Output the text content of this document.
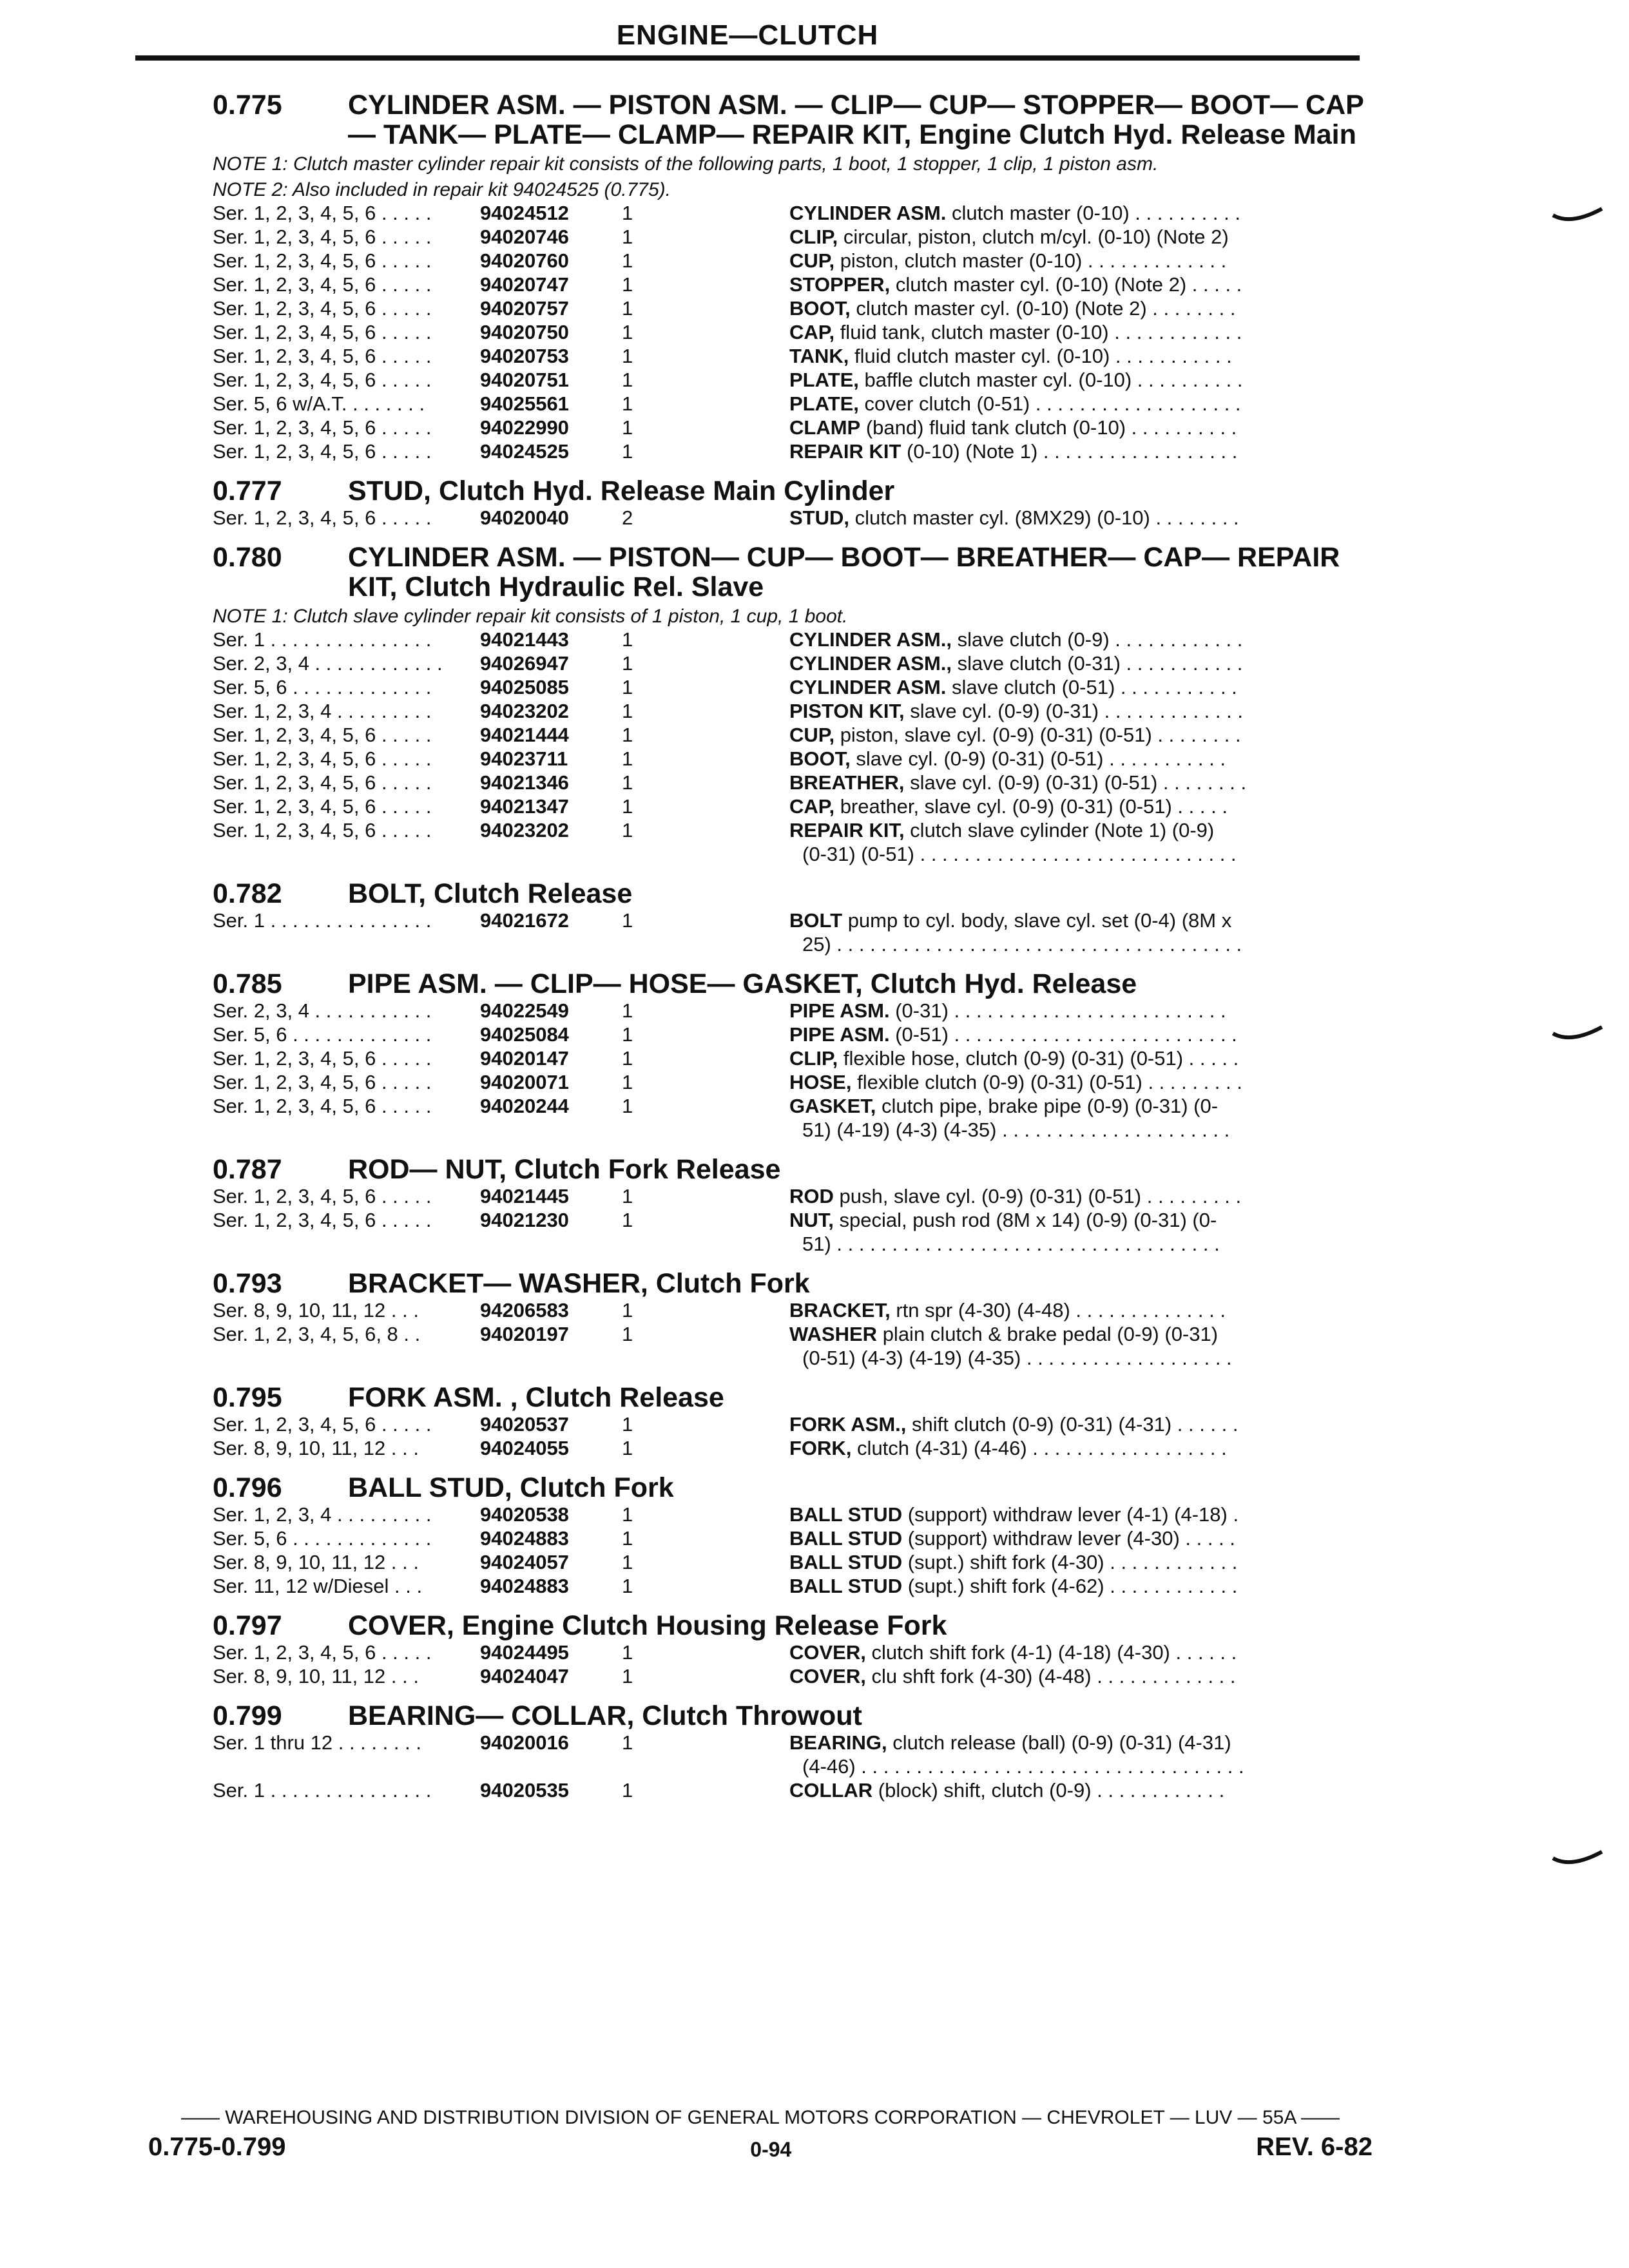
ENGINE—CLUTCH
0.775	CYLINDER ASM. — PISTON ASM. — CLIP— CUP— STOPPER— BOOT— CAP— TANK— PLATE— CLAMP— REPAIR KIT, Engine Clutch Hyd. Release Main
NOTE 1: Clutch master cylinder repair kit consists of the following parts, 1 boot, 1 stopper, 1 clip, 1 piston asm.
NOTE 2: Also included in repair kit 94024525 (0.775).
Ser. 1, 2, 3, 4, 5, 6 . . . . .	94024512	1	CYLINDER ASM. clutch master (0-10) . . . . . . . . . .
Ser. 1, 2, 3, 4, 5, 6 . . . . .	94020746	1	CLIP, circular, piston, clutch m/cyl. (0-10) (Note 2)
Ser. 1, 2, 3, 4, 5, 6 . . . . .	94020760	1	CUP, piston, clutch master (0-10) . . . . . . . . . . . . .
Ser. 1, 2, 3, 4, 5, 6 . . . . .	94020747	1	STOPPER, clutch master cyl. (0-10) (Note 2) . . . . .
Ser. 1, 2, 3, 4, 5, 6 . . . . .	94020757	1	BOOT, clutch master cyl. (0-10) (Note 2) . . . . . . . .
Ser. 1, 2, 3, 4, 5, 6 . . . . .	94020750	1	CAP, fluid tank, clutch master (0-10) . . . . . . . . . . . .
Ser. 1, 2, 3, 4, 5, 6 . . . . .	94020753	1	TANK, fluid clutch master cyl. (0-10) . . . . . . . . . . .
Ser. 1, 2, 3, 4, 5, 6 . . . . .	94020751	1	PLATE, baffle clutch master cyl. (0-10) . . . . . . . . . .
Ser. 5, 6 w/A.T. . . . . . . .	94025561	1	PLATE, cover clutch (0-51) . . . . . . . . . . . . . . . . . . .
Ser. 1, 2, 3, 4, 5, 6 . . . . .	94022990	1	CLAMP (band) fluid tank clutch (0-10) . . . . . . . . . .
Ser. 1, 2, 3, 4, 5, 6 . . . . .	94024525	1	REPAIR KIT (0-10) (Note 1) . . . . . . . . . . . . . . . . . .
0.777	STUD, Clutch Hyd. Release Main Cylinder
Ser. 1, 2, 3, 4, 5, 6 . . . . .	94020040	2	STUD, clutch master cyl. (8MX29) (0-10) . . . . . . . .
0.780	CYLINDER ASM. — PISTON— CUP— BOOT— BREATHER— CAP— REPAIR KIT, Clutch Hydraulic Rel. Slave
NOTE 1: Clutch slave cylinder repair kit consists of 1 piston, 1 cup, 1 boot.
Ser. 1 . . . . . . . . . . . . . . .	94021443	1	CYLINDER ASM., slave clutch (0-9) . . . . . . . . . . . .
Ser. 2, 3, 4 . . . . . . . . . . . .	94026947	1	CYLINDER ASM., slave clutch (0-31) . . . . . . . . . . .
Ser. 5, 6 . . . . . . . . . . . . .	94025085	1	CYLINDER ASM. slave clutch (0-51) . . . . . . . . . . .
Ser. 1, 2, 3, 4 . . . . . . . . .	94023202	1	PISTON KIT, slave cyl. (0-9) (0-31) . . . . . . . . . . . . .
Ser. 1, 2, 3, 4, 5, 6 . . . . .	94021444	1	CUP, piston, slave cyl. (0-9) (0-31) (0-51) . . . . . . . .
Ser. 1, 2, 3, 4, 5, 6 . . . . .	94023711	1	BOOT, slave cyl. (0-9) (0-31) (0-51) . . . . . . . . . . .
Ser. 1, 2, 3, 4, 5, 6 . . . . .	94021346	1	BREATHER, slave cyl. (0-9) (0-31) (0-51) . . . . . . . .
Ser. 1, 2, 3, 4, 5, 6 . . . . .	94021347	1	CAP, breather, slave cyl. (0-9) (0-31) (0-51) . . . . .
Ser. 1, 2, 3, 4, 5, 6 . . . . .	94023202	1	REPAIR KIT, clutch slave cylinder (Note 1) (0-9)
(0-31) (0-51) . . . . . . . . . . . . . . . . . . . . . . . . . . . . .
0.782	BOLT, Clutch Release
Ser. 1 . . . . . . . . . . . . . . .	94021672	1	BOLT pump to cyl. body, slave cyl. set (0-4) (8M x
25) . . . . . . . . . . . . . . . . . . . . . . . . . . . . . . . . . . . . .
0.785	PIPE ASM. — CLIP— HOSE— GASKET, Clutch Hyd. Release
Ser. 2, 3, 4 . . . . . . . . . . .	94022549	1	PIPE ASM. (0-31) . . . . . . . . . . . . . . . . . . . . . . . . .
Ser. 5, 6 . . . . . . . . . . . . .	94025084	1	PIPE ASM. (0-51) . . . . . . . . . . . . . . . . . . . . . . . . . .
Ser. 1, 2, 3, 4, 5, 6 . . . . .	94020147	1	CLIP, flexible hose, clutch (0-9) (0-31) (0-51) . . . . .
Ser. 1, 2, 3, 4, 5, 6 . . . . .	94020071	1	HOSE, flexible clutch (0-9) (0-31) (0-51) . . . . . . . . .
Ser. 1, 2, 3, 4, 5, 6 . . . . .	94020244	1	GASKET, clutch pipe, brake pipe (0-9) (0-31) (0-
51) (4-19) (4-3) (4-35) . . . . . . . . . . . . . . . . . . . . .
0.787	ROD— NUT, Clutch Fork Release
Ser. 1, 2, 3, 4, 5, 6 . . . . .	94021445	1	ROD push, slave cyl. (0-9) (0-31) (0-51) . . . . . . . . .
Ser. 1, 2, 3, 4, 5, 6 . . . . .	94021230	1	NUT, special, push rod (8M x 14) (0-9) (0-31) (0-
51) . . . . . . . . . . . . . . . . . . . . . . . . . . . . . . . . . . .
0.793	BRACKET— WASHER, Clutch Fork
Ser. 8, 9, 10, 11, 12 . . .	94206583	1	BRACKET, rtn spr (4-30) (4-48) . . . . . . . . . . . . . .
Ser. 1, 2, 3, 4, 5, 6, 8 . .	94020197	1	WASHER plain clutch & brake pedal (0-9) (0-31)
(0-51) (4-3) (4-19) (4-35) . . . . . . . . . . . . . . . . . . .
0.795	FORK ASM. , Clutch Release
Ser. 1, 2, 3, 4, 5, 6 . . . . .	94020537	1	FORK ASM., shift clutch (0-9) (0-31) (4-31) . . . . . .
Ser. 8, 9, 10, 11, 12 . . .	94024055	1	FORK, clutch (4-31) (4-46) . . . . . . . . . . . . . . . . . .
0.796	BALL STUD, Clutch Fork
Ser. 1, 2, 3, 4 . . . . . . . . .	94020538	1	BALL STUD (support) withdraw lever (4-1) (4-18) .
Ser. 5, 6 . . . . . . . . . . . . .	94024883	1	BALL STUD (support) withdraw lever (4-30) . . . . .
Ser. 8, 9, 10, 11, 12 . . .	94024057	1	BALL STUD (supt.) shift fork (4-30) . . . . . . . . . . . .
Ser. 11, 12 w/Diesel . . .	94024883	1	BALL STUD (supt.) shift fork (4-62) . . . . . . . . . . . .
0.797	COVER, Engine Clutch Housing Release Fork
Ser. 1, 2, 3, 4, 5, 6 . . . . .	94024495	1	COVER, clutch shift fork (4-1) (4-18) (4-30) . . . . . .
Ser. 8, 9, 10, 11, 12 . . .	94024047	1	COVER, clu shft fork (4-30) (4-48) . . . . . . . . . . . . .
0.799	BEARING— COLLAR, Clutch Throwout
Ser. 1 thru 12 . . . . . . . .	94020016	1	BEARING, clutch release (ball) (0-9) (0-31) (4-31)
(4-46) . . . . . . . . . . . . . . . . . . . . . . . . . . . . . . . . . . .
Ser. 1 . . . . . . . . . . . . . . .	94020535	1	COLLAR (block) shift, clutch (0-9) . . . . . . . . . . . .
—— WAREHOUSING AND DISTRIBUTION DIVISION OF GENERAL MOTORS CORPORATION — CHEVROLET — LUV — 55A ——
0.775-0.799	0-94	REV. 6-82
